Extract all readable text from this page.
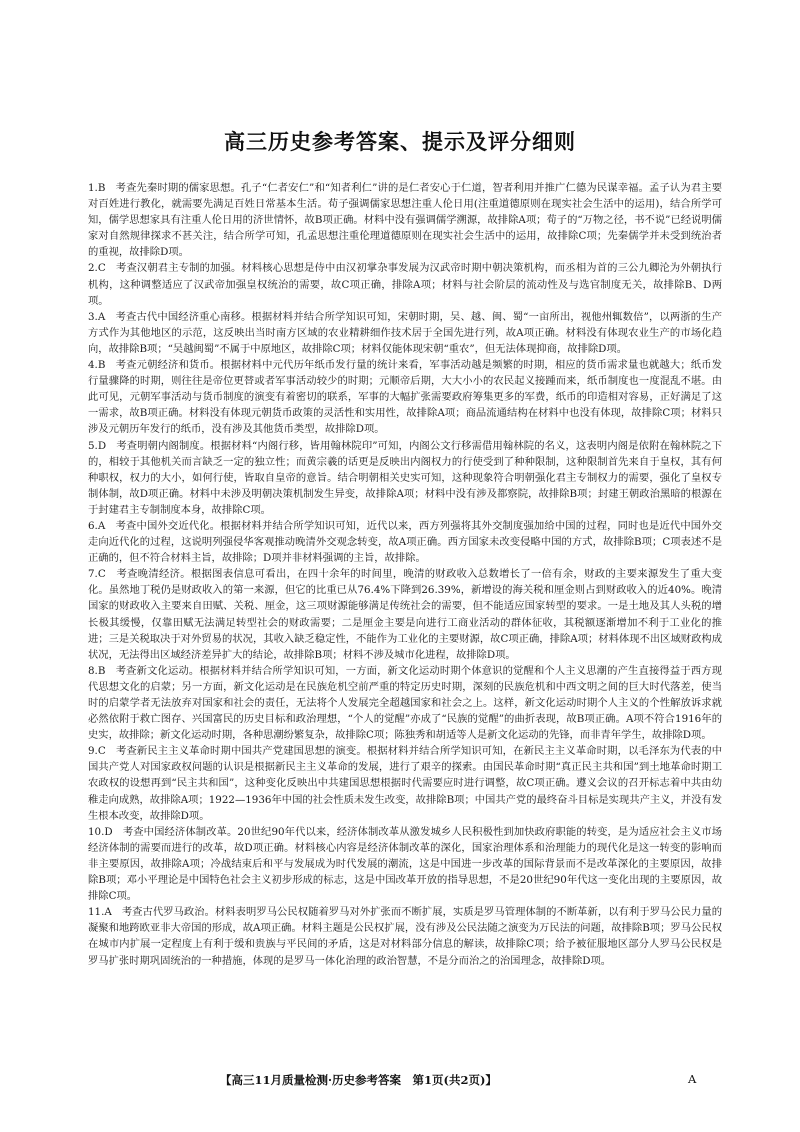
高三历史参考答案、提示及评分细则
1.B 考查先秦时期的儒家思想。孔子“仁者安仁”和“知者利仁”讲的是仁者安心于仁道，智者利用并推广仁德为民谋幸福。孟子认为君主要对百姓进行教化，就需要先满足百姓日常基本生活。荀子强调儒家思想注重人伦日用(注重道德原则在现实社会生活中的运用)，结合所学可知，儒学思想家具有注重人伦日用的济世情怀，故B项正确。材料中没有强调儒学溯源，故排除A项；荀子的“万物之径，书不说”已经说明儒家对自然规律探求不甚关注，结合所学可知，孔孟思想注重伦理道德原则在现实社会生活中的运用，故排除C项；先秦儒学并未受到统治者的重视，故排除D项。
2.C 考查汉朝君主专制的加强。材料核心思想是侍中由汉初掌杂事发展为汉武帝时期中朝决策机构，而丞相为首的三公九卿沦为外朝执行机构，这种调整适应了汉武帝加强皇权统治的需要，故C项正确，排除A项；材料与社会阶层的流动性及与选官制度无关，故排除B、D两项。
3.A 考查古代中国经济重心南移。根据材料并结合所学知识可知，宋朝时期，吴、越、闽、蜀“一亩所出，视他州辄数倍”，以两浙的生产方式作为其他地区的示范，这反映出当时南方区域的农业精耕细作技术居于全国先进行列，故A项正确。材料没有体现农业生产的市场化趋向，故排除B项；“吴越闽蜀”不属于中原地区，故排除C项；材料仅能体现宋朝“重农”，但无法体现抑商，故排除D项。
4.B 考查元朝经济和货币。根据材料中元代历年纸币发行量的统计来看，军事活动越是频繁的时期，相应的货币需求量也就越大；纸币发行量骤降的时期，则往往是帝位更替或者军事活动较少的时期；元顺帝后期，大大小小的农民起义接踵而来，纸币制度也一度混乱不堪。由此可见，元朝军事活动与货币制度的演变有着密切的联系，军事的大幅扩张需要政府筹集更多的军费，纸币的印造相对容易，正好满足了这一需求，故B项正确。材料没有体现元朝货币政策的灵活性和实用性，故排除A项；商品流通结构在材料中也没有体现，故排除C项；材料只涉及元朝历年发行的纸币，没有涉及其他货币类型，故排除D项。
5.D 考查明朝内阁制度。根据材料“内阁行移，皆用翰林院印”可知，内阁公文行移需借用翰林院的名义，这表明内阁是依附在翰林院之下的，相较于其他机关而言缺乏一定的独立性；而黄宗羲的话更是反映出内阁权力的行使受到了种种限制，这种限制首先来自于皇权，其有何种职权，权力的大小，如何行使，皆取自皇帝的意旨。结合明朝相关史实可知，这种现象符合明朝强化君主专制权力的需要，强化了皇权专制体制，故D项正确。材料中未涉及明朝决策机制发生异变，故排除A项；材料中没有涉及都察院，故排除B项；封建王朝政治黑暗的根源在于封建君主专制制度本身，故排除C项。
6.A 考查中国外交近代化。根据材料并结合所学知识可知，近代以来，西方列强将其外交制度强加给中国的过程，同时也是近代中国外交走向近代化的过程，这说明列强侵华客观推动晚清外交观念转变，故A项正确。西方国家未改变侵略中国的方式，故排除B项；C项表述不是正确的，但不符合材料主旨，故排除；D项并非材料强调的主旨，故排除。
7.C 考查晚清经济。根据图表信息可看出，在四十余年的时间里，晚清的财政收入总数增长了一倍有余，财政的主要来源发生了重大变化。虽然地丁税仍是财政收入的第一来源，但它的比重已从76.4%下降到26.39%，新增设的海关税和厘金则占到财政收入的近40%。晚清国家的财政收入主要来自田赋、关税、厘金，这三项财源能够满足传统社会的需要，但不能适应国家转型的要求。一是土地及其人头税的增长极其缓慢，仅靠田赋无法满足转型社会的财政需要；二是厘金主要是向进行工商业活动的群体征收，其税额逐渐增加不利于工业化的推进；三是关税取决于对外贸易的状况，其收入缺乏稳定性，不能作为工业化的主要财源，故C项正确，排除A项；材料体现不出区域财政构成状况，无法得出区域经济差异扩大的结论，故排除B项；材料不涉及城市化进程，故排除D项。
8.B 考查新文化运动。根据材料并结合所学知识可知，一方面，新文化运动时期个体意识的觉醒和个人主义思潮的产生直接得益于西方现代思想文化的启蒙；另一方面，新文化运动是在民族危机空前严重的特定历史时期，深刻的民族危机和中西文明之间的巨大时代落差，使当时的启蒙学者无法放弃对国家和社会的责任，无法将个人发展完全超越国家和社会之上。这样，新文化运动时期个人主义的个性解放诉求就必然依附于救亡图存、兴国富民的历史目标和政治理想，“个人的觉醒”亦成了“民族的觉醒”的曲折表现，故B项正确。A项不符合1916年的史实，故排除；新文化运动时期，各种思潮纷繁复杂，故排除C项；陈独秀和胡适等人是新文化运动的先锋，而非青年学生，故排除D项。
9.C 考查新民主主义革命时期中国共产党建国思想的演变。根据材料并结合所学知识可知，在新民主主义革命时期，以毛泽东为代表的中国共产党人对国家政权问题的认识是根据新民主主义革命的发展，进行了艰辛的探索。由国民革命时期“真正民主共和国”到土地革命时期工农政权的设想再到“民主共和国”，这种变化反映出中共建国思想根据时代需要应时进行调整，故C项正确。遵义会议的召开标志着中共由幼稚走向成熟，故排除A项；1922—1936年中国的社会性质未发生改变，故排除B项；中国共产党的最终奋斗目标是实现共产主义，并没有发生根本改变，故排除D项。
10.D 考查中国经济体制改革。20世纪90年代以来，经济体制改革从激发城乡人民积极性到加快政府职能的转变，是为适应社会主义市场经济体制的需要而进行的改革，故D项正确。材料核心内容是经济体制改革的深化，国家治理体系和治理能力的现代化是这一转变的影响而非主要原因，故排除A项；冷战结束后和平与发展成为时代发展的潮流，这是中国进一步改革的国际背景而不是改革深化的主要原因，故排除B项；邓小平理论是中国特色社会主义初步形成的标志，这是中国改革开放的指导思想，不是20世纪90年代这一变化出现的主要原因，故排除C项。
11.A 考查古代罗马政治。材料表明罗马公民权随着罗马对外扩张而不断扩展，实质是罗马管理体制的不断革新，以有利于罗马公民力量的凝聚和地跨欧亚非大帝国的形成，故A项正确。材料主题是公民权扩展，没有涉及公民法随之演变为万民法的问题，故排除B项；罗马公民权在城市内扩展一定程度上有利于缓和贵族与平民间的矛盾，这是对材料部分信息的解读，故排除C项；给予被征服地区部分人罗马公民权是罗马扩张时期巩固统治的一种措施，体现的是罗马一体化治理的政治智慧，不是分而治之的治国理念，故排除D项。
【高三11月质量检测·历史参考答案　第1页(共2页)】	A
